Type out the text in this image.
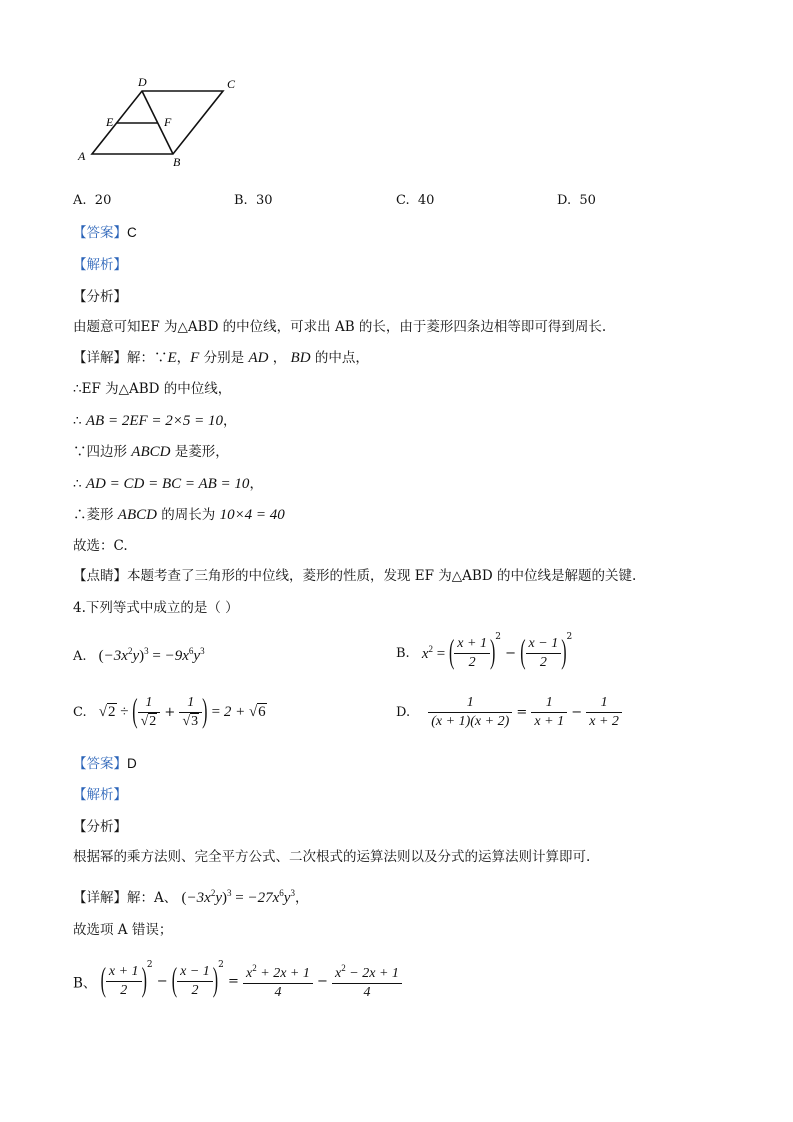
D	C
E	F
A	B
A. 20	B. 30	C. 40	D. 50
【答案】C
【解析】
【分析】
由题意可知EF 为△ABD 的中位线，可求出 AB 的长，由于菱形四条边相等即可得到周长.
【详解】解：∵E，F 分别是 AD ， BD 的中点，
∴EF 为△ABD 的中位线，
∴ AB = 2EF = 2×5 = 10，
∵四边形 ABCD 是菱形，
∴ AD = CD = BC = AB = 10，
∴菱形 ABCD 的周长为 10×4 = 40
故选：C.
【点睛】本题考查了三角形的中位线，菱形的性质，发现 EF 为△ABD 的中位线是解题的关键.
4.下列等式中成立的是（ ）
A. $(-3x^2y)^3 = -9x^6y^3$	B. $x^2$ = ( $\frac{x + 1}{2} )^2$ − ( $\frac{x - 1}{2} )^2$
C. √2 ÷ ( $\frac{1}{√2} + \frac{1}{√3}$ ) = 2 + √6	D. $\frac{1}{(x + 1)(x + 2)} = \frac{1}{x + 1} - \frac{1}{x + 2}$
【答案】D
【解析】
【分析】
根据幂的乘方法则、完全平方公式、二次根式的运算法则以及分式的运算法则计算即可.
【详解】解：A、 $(-3x^2y)^3 = -27x^6y^3$，
故选项 A 错误；
B、 ( $\frac{x + 1}{2} )^2$ − ( $\frac{x - 1}{2} )^2 = \frac{x^2 + 2x + 1}{4} - \frac{x^2 - 2x + 1}{4}$
